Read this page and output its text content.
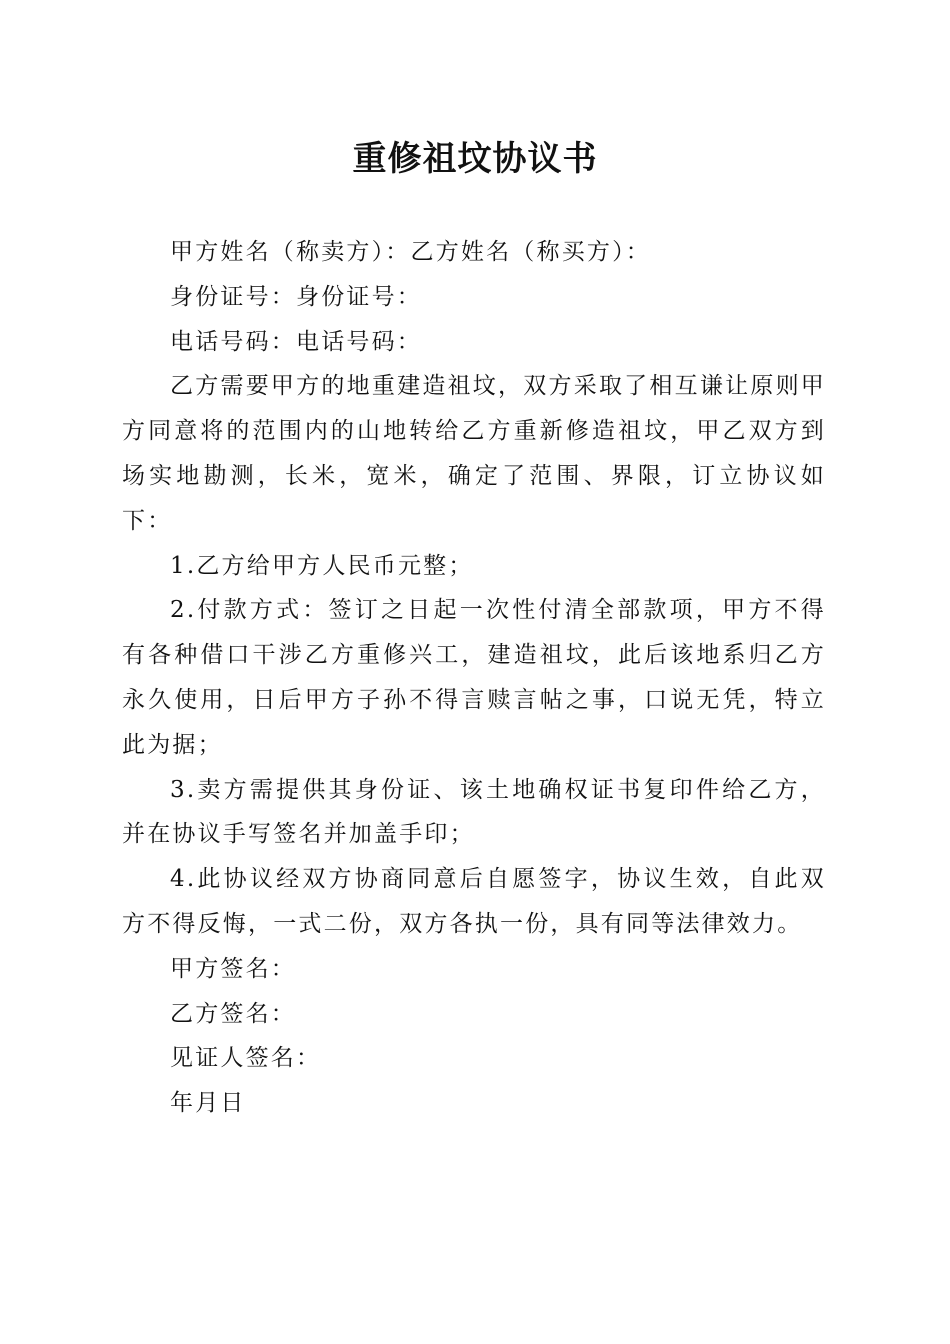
重修祖坟协议书

甲方姓名（称卖方）：乙方姓名（称买方）：

身份证号：身份证号：

电话号码：电话号码：

乙方需要甲方的地重建造祖坟，双方采取了相互谦让原则甲方同意将的范围内的山地转给乙方重新修造祖坟，甲乙双方到场实地勘测，长米，宽米，确定了范围、界限，订立协议如下：

1.乙方给甲方人民币元整；

2.付款方式：签订之日起一次性付清全部款项，甲方不得有各种借口干涉乙方重修兴工，建造祖坟，此后该地系归乙方永久使用，日后甲方子孙不得言赎言帖之事，口说无凭，特立此为据；

3.卖方需提供其身份证、该土地确权证书复印件给乙方，并在协议手写签名并加盖手印；

4.此协议经双方协商同意后自愿签字，协议生效，自此双方不得反悔，一式二份，双方各执一份，具有同等法律效力。

甲方签名：

乙方签名：

见证人签名：

年月日
